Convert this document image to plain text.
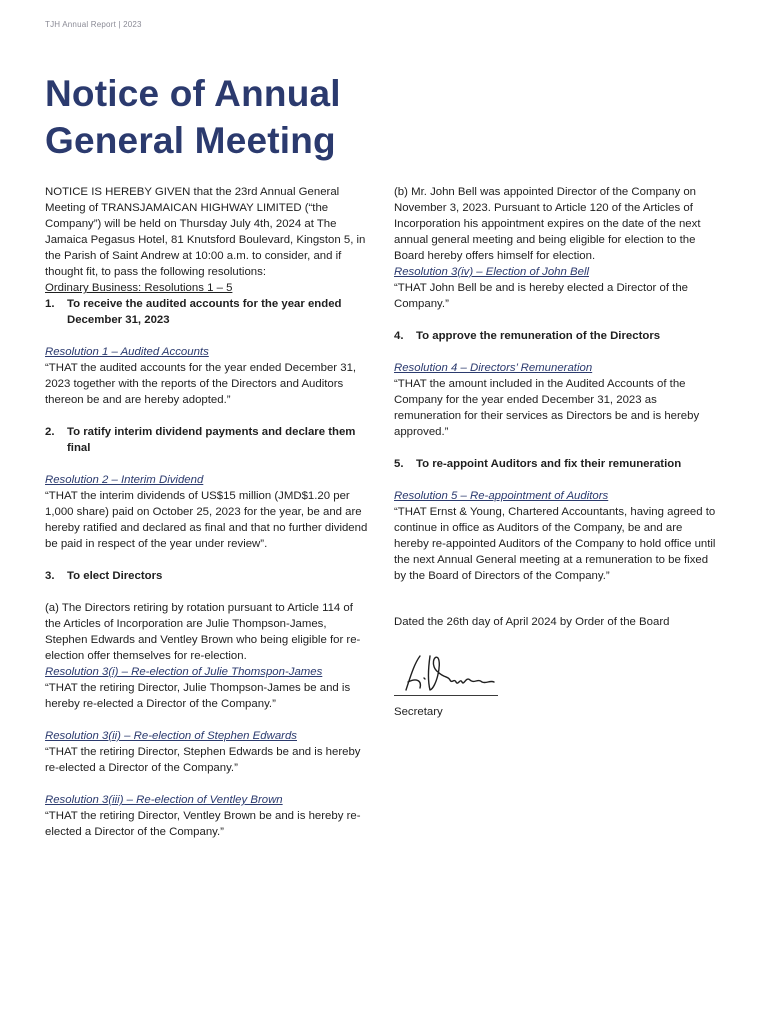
TJH Annual Report | 2023
Notice of Annual
General Meeting

NOTICE IS HEREBY GIVEN that the 23rd Annual General Meeting of TRANSJAMAICAN HIGHWAY LIMITED (“the Company”) will be held on Thursday July 4th, 2024 at The Jamaica Pegasus Hotel, 81 Knutsford Boulevard, Kingston 5, in the Parish of Saint Andrew at 10:00 a.m. to consider, and if thought fit, to pass the following resolutions:

Ordinary Business: Resolutions 1 – 5

1.	To receive the audited accounts for the year ended December 31, 2023

Resolution 1 – Audited Accounts

“THAT the audited accounts for the year ended December 31, 2023 together with the reports of the Directors and Auditors thereon be and are hereby adopted.”

2.	To ratify interim dividend payments and declare them final

Resolution 2 – Interim Dividend

“THAT the interim dividends of US$15 million (JMD$1.20 per 1,000 share) paid on October 25, 2023 for the year, be and are hereby ratified and declared as final and that no further dividend be paid in respect of the year under review”.

3.	To elect Directors

(a) The Directors retiring by rotation pursuant to Article 114 of the Articles of Incorporation are Julie Thompson-James, Stephen Edwards and Ventley Brown who being eligible for re-election offer themselves for re-election.

Resolution 3(i) – Re-election of Julie Thomspon-James

“THAT the retiring Director, Julie Thompson-James be and is hereby re-elected a Director of the Company.”

Resolution 3(ii) – Re-election of Stephen Edwards

“THAT the retiring Director, Stephen Edwards be and is hereby re-elected a Director of the Company.”

Resolution 3(iii) – Re-election of Ventley Brown

“THAT the retiring Director, Ventley Brown be and is hereby re-elected a Director of the Company.”

(b) Mr. John Bell was appointed Director of the Company on November 3, 2023. Pursuant to Article 120 of the Articles of Incorporation his appointment expires on the date of the next annual general meeting and being eligible for election to the Board hereby offers himself for election.

Resolution 3(iv) – Election of John Bell

“THAT John Bell be and is hereby elected a Director of the Company.”

4.	To approve the remuneration of the Directors

Resolution 4 – Directors’ Remuneration

“THAT the amount included in the Audited Accounts of the Company for the year ended December 31, 2023 as remuneration for their services as Directors be and is hereby approved.”

5.	To re-appoint Auditors and fix their remuneration

Resolution 5 – Re-appointment of Auditors

“THAT Ernst & Young, Chartered Accountants, having agreed to continue in office as Auditors of the Company, be and are hereby re-appointed Auditors of the Company to hold office until the next Annual General meeting at a remuneration to be fixed by the Board of Directors of the Company.”

Dated the 26th day of April 2024 by Order of the Board

Secretary
